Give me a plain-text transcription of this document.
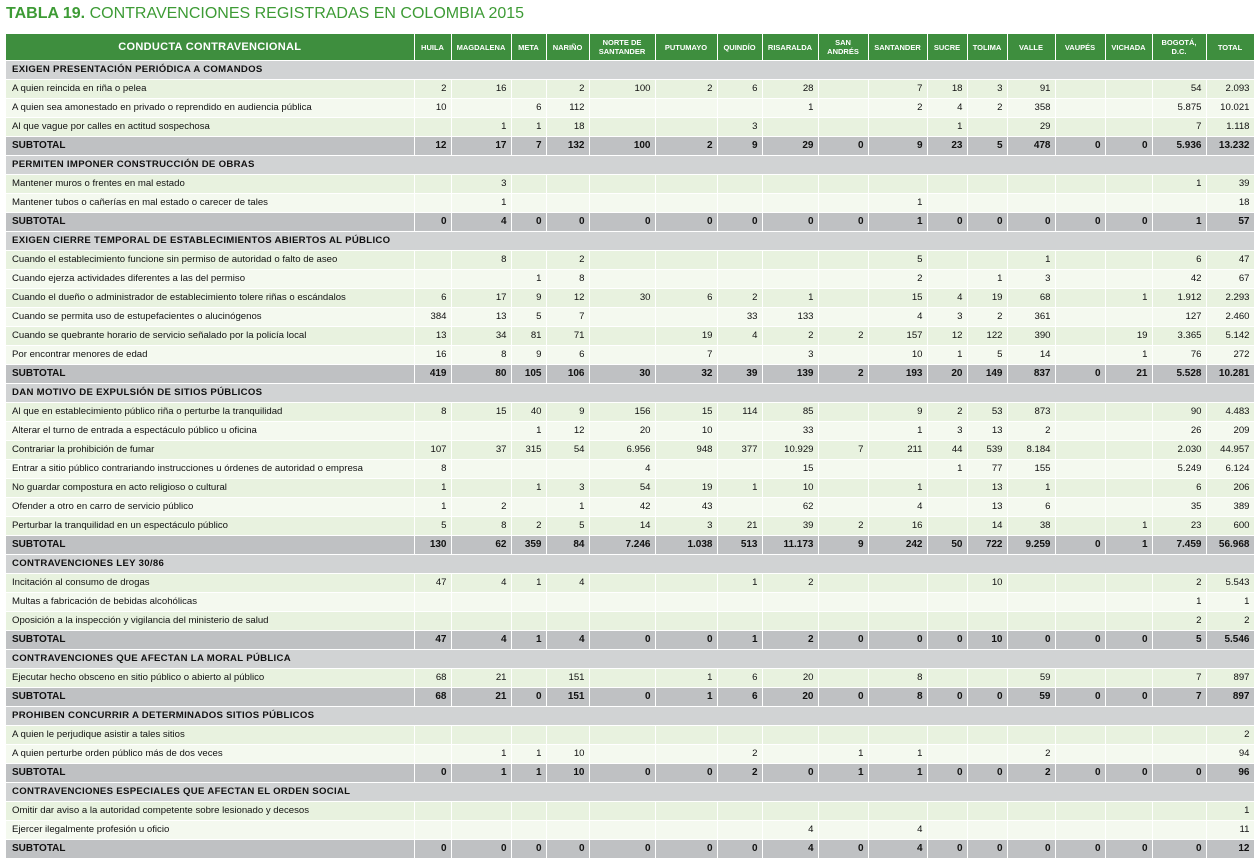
TABLA 19. CONTRAVENCIONES REGISTRADAS EN COLOMBIA 2015
CONDUCTA CONTRAVENCIONAL	HUILA	MAGDALENA	META	NARIÑO	NORTE DE SANTANDER	PUTUMAYO	QUINDÍO	RISARALDA	SAN ANDRÉS	SANTANDER	SUCRE	TOLIMA	VALLE	VAUPÉS	VICHADA	BOGOTÁ, D.C.	TOTAL
EXIGEN PRESENTACIÓN PERIÓDICA A COMANDOS																	
A quien reincida en riña o pelea	2	16		2	100	2	6	28		7	18	3	91			54	2.093
A quien sea amonestado en privado o reprendido en audiencia pública	10		6	112				1		2	4	2	358			5.875	10.021
Al que vague por calles en actitud sospechosa		1	1	18			3				1		29			7	1.118
SUBTOTAL	12	17	7	132	100	2	9	29	0	9	23	5	478	0	0	5.936	13.232
PERMITEN IMPONER CONSTRUCCIÓN DE OBRAS																	
Mantener muros o frentes en mal estado		3														1	39
Mantener tubos o cañerías en mal estado o carecer de tales		1								1							18
SUBTOTAL	0	4	0	0	0	0	0	0	0	1	0	0	0	0	0	1	57
EXIGEN CIERRE TEMPORAL DE ESTABLECIMIENTOS ABIERTOS AL PÚBLICO																	
Cuando el establecimiento funcione sin permiso de autoridad o falto de aseo		8		2						5			1			6	47
Cuando ejerza actividades diferentes a las del permiso			1	8						2		1	3			42	67
Cuando el dueño o administrador de establecimiento tolere riñas o escándalos	6	17	9	12	30	6	2	1		15	4	19	68		1	1.912	2.293
Cuando se permita uso de estupefacientes o alucinógenos	384	13	5	7			33	133		4	3	2	361			127	2.460
Cuando se quebrante horario de servicio señalado por la policía local	13	34	81	71		19	4	2	2	157	12	122	390		19	3.365	5.142
Por encontrar menores de edad	16	8	9	6		7		3		10	1	5	14		1	76	272
SUBTOTAL	419	80	105	106	30	32	39	139	2	193	20	149	837	0	21	5.528	10.281
DAN MOTIVO DE EXPULSIÓN DE SITIOS PÚBLICOS																	
Al que en establecimiento público riña o perturbe la tranquilidad	8	15	40	9	156	15	114	85		9	2	53	873			90	4.483
Alterar el turno de entrada a espectáculo público u oficina			1	12	20	10		33		1	3	13	2			26	209
Contrariar la prohibición de fumar	107	37	315	54	6.956	948	377	10.929	7	211	44	539	8.184			2.030	44.957
Entrar a sitio público contrariando instrucciones u órdenes de autoridad o empresa	8				4			15			1	77	155			5.249	6.124
No guardar compostura en acto religioso o cultural	1		1	3	54	19	1	10		1		13	1			6	206
Ofender a otro en carro de servicio público	1	2		1	42	43		62		4		13	6			35	389
Perturbar la tranquilidad en un espectáculo público	5	8	2	5	14	3	21	39	2	16		14	38		1	23	600
SUBTOTAL	130	62	359	84	7.246	1.038	513	11.173	9	242	50	722	9.259	0	1	7.459	56.968
CONTRAVENCIONES LEY 30/86																	
Incitación al consumo de drogas	47	4	1	4			1	2				10				2	5.543
Multas a fabricación de bebidas alcohólicas																1	1
Oposición a la inspección y vigilancia del ministerio de salud																2	2
SUBTOTAL	47	4	1	4	0	0	1	2	0	0	0	10	0	0	0	5	5.546
CONTRAVENCIONES QUE AFECTAN LA MORAL PÚBLICA																	
Ejecutar hecho obsceno en sitio público o abierto al público	68	21		151		1	6	20		8			59			7	897
SUBTOTAL	68	21	0	151	0	1	6	20	0	8	0	0	59	0	0	7	897
PROHIBEN CONCURRIR A DETERMINADOS SITIOS PÚBLICOS																	
A quien le perjudique asistir a tales sitios																	2
A quien perturbe orden público más de dos veces		1	1	10			2		1	1			2				94
SUBTOTAL	0	1	1	10	0	0	2	0	1	1	0	0	2	0	0	0	96
CONTRAVENCIONES ESPECIALES QUE AFECTAN EL ORDEN SOCIAL																	
Omitir dar aviso a la autoridad competente sobre lesionado y decesos																	1
Ejercer ilegalmente profesión u oficio								4		4							11
SUBTOTAL	0	0	0	0	0	0	0	4	0	4	0	0	0	0	0	0	12
